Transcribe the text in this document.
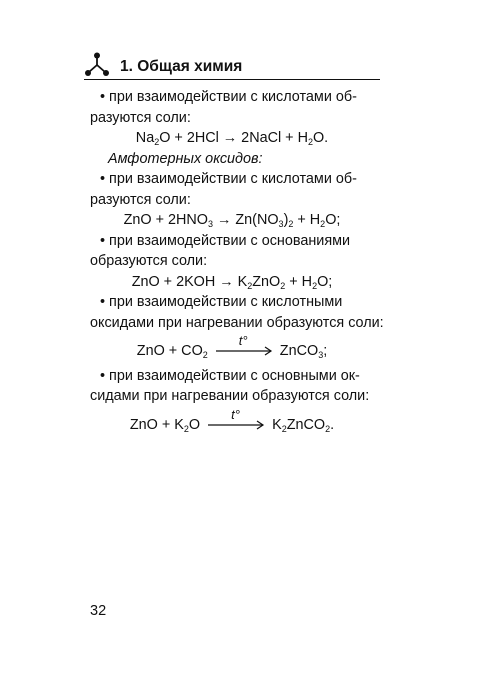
1. Общая химия
• при взаимодействии с кислотами об-
разуются соли:
$Na_2O + 2HCl$ → 2NaCl + $H_2O$.
Амфотерных оксидов:
• при взаимодействии с кислотами об-
разуются соли:
ZnO + $2HNO_3 \to Zn(NO_3)_2 + H_2O$;
• при взаимодействии с основаниями
образуются соли:
ZnO + $2KOH \to K_2ZnO_2 + H_2O$;
• при взаимодействии с кислотными
оксидами при нагревании образуются соли:
ZnO + $CO_2$
t°
ZnCO$_3$;
• при взаимодействии с основными ок-
сидами при нагревании образуются соли:
ZnO + $K_2O$
t°
$K_2ZnCO_2$.
32
